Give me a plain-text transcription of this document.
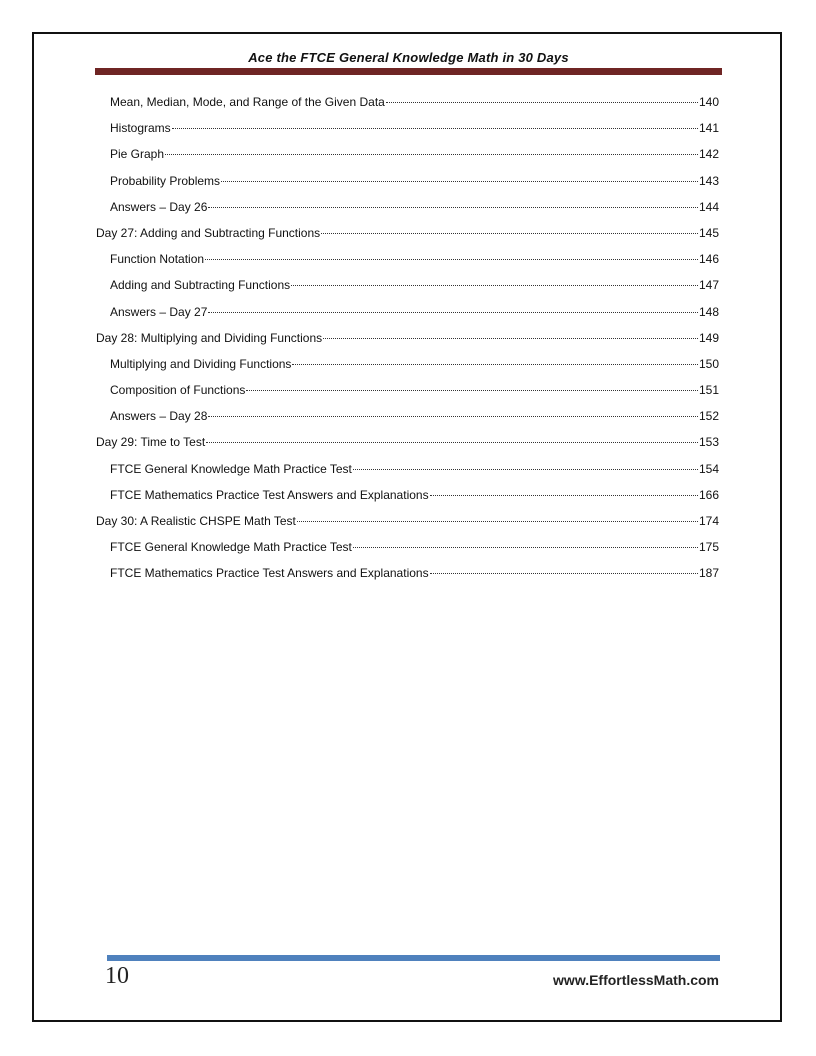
Ace the FTCE General Knowledge Math in 30 Days
Mean, Median, Mode, and Range of the Given Data	140
Histograms	141
Pie Graph	142
Probability Problems	143
Answers – Day 26	144
Day 27: Adding and Subtracting Functions	145
Function Notation	146
Adding and Subtracting Functions	147
Answers – Day 27	148
Day 28: Multiplying and Dividing Functions	149
Multiplying and Dividing Functions	150
Composition of Functions	151
Answers – Day 28	152
Day 29: Time to Test	153
FTCE General Knowledge Math Practice Test	154
FTCE Mathematics Practice Test Answers and Explanations	166
Day 30: A Realistic CHSPE Math Test	174
FTCE General Knowledge Math Practice Test	175
FTCE Mathematics Practice Test Answers and Explanations	187
10	www.EffortlessMath.com
